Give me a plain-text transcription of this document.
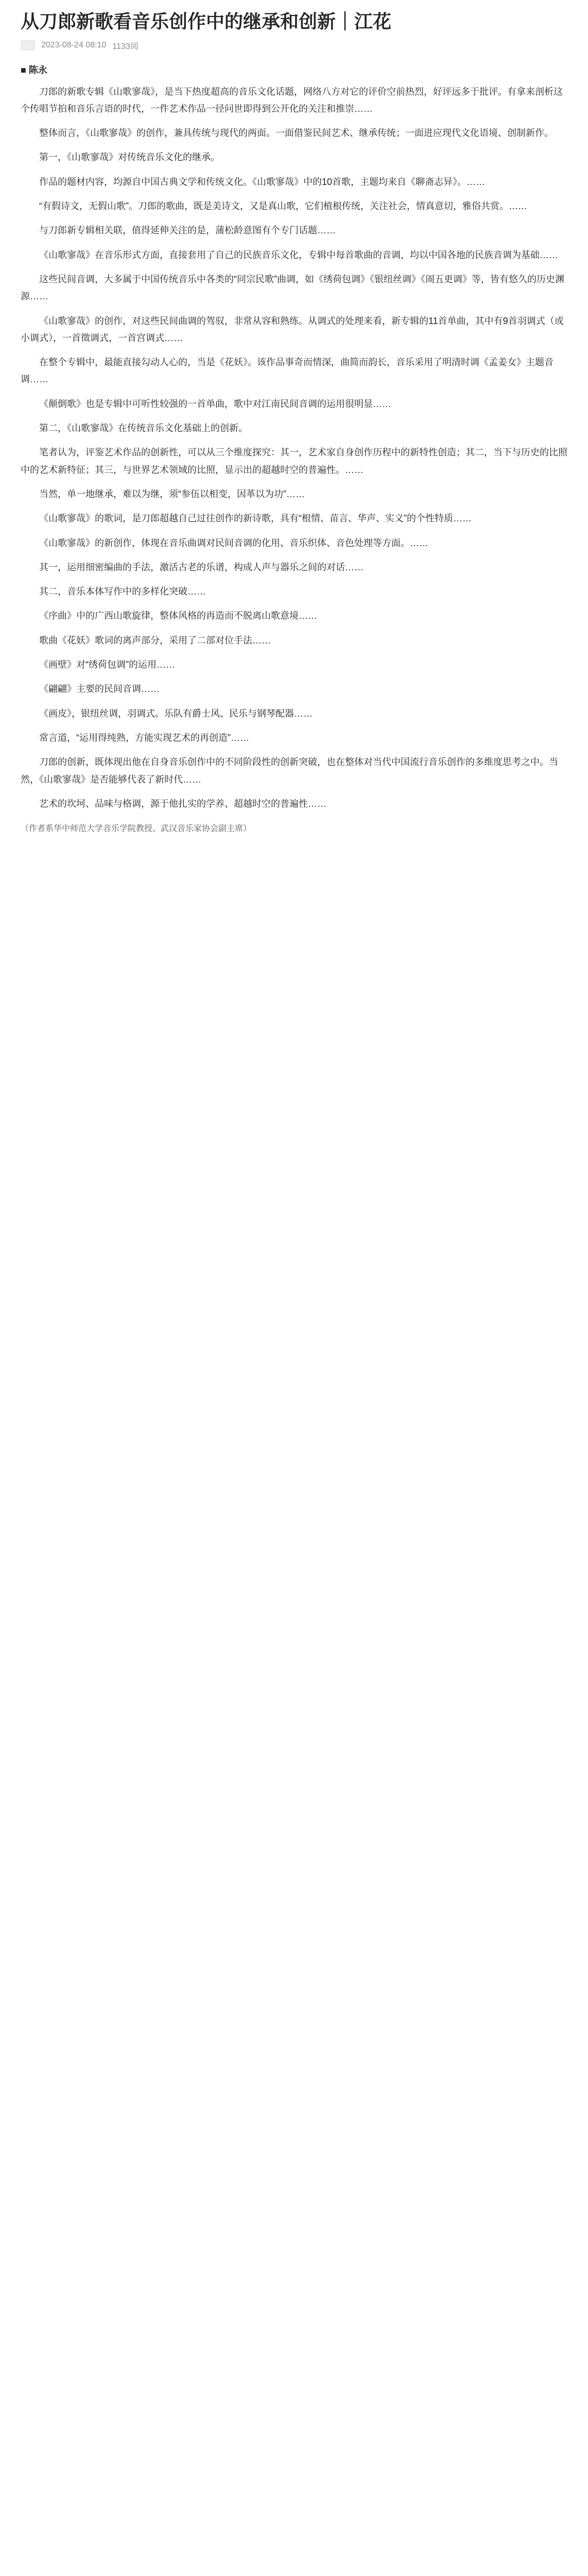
从刀郎新歌看音乐创作中的继承和创新｜江花
2023-08-24 08:10 1133阅
■ 陈永

刀郎的新歌专辑《山歌寥哉》，是当下热度超高的音乐文化话题，网络八方对它的评价空前热烈，好评远多于批评。有拿来剖析这个传唱节拍和音乐言语的时代，一件艺术作品一径问世即得到公开化的关注和推崇……

整体而言，《山歌寥哉》的创作，兼具传统与现代的两面。一面借鉴民间艺术、继承传统；一面进应现代文化语境、创制新作。

第一，《山歌寥哉》对传统音乐文化的继承。

作品的题材内容，均源自中国古典文学和传统文化。《山歌寥哉》中的10首歌，主题均来自《聊斋志异》。……

“有假诗文，无假山歌”。刀郎的歌曲，既是美诗文，又是真山歌，它们植根传统，关注社会，情真意切，雅俗共赏。……

与刀郎新专辑相关联，值得延伸关注的是，蒲松龄意图有个专门话题……

《山歌寥哉》在音乐形式方面，直接套用了自己的民族音乐文化，专辑中每首歌曲的音调，均以中国各地的民族音调为基础……

这些民间音调，大多属于中国传统音乐中各类的“同宗民歌”曲调，如《绣荷包调》《银纽丝调》《闹五更调》等，皆有悠久的历史渊源……

《山歌寥哉》的创作，对这些民间曲调的驾驭，非常从容和熟练。从调式的处理来看，新专辑的11首单曲，其中有9首羽调式（或小调式），一首徵调式，一首宫调式……

在整个专辑中，最能直接勾动人心的，当是《花妖》。该作品事奇而情深，曲简而韵长，音乐采用了明清时调《孟姜女》主题音调……

《颠倒歌》也是专辑中可听性较强的一首单曲，歌中对江南民间音调的运用很明显……

第二，《山歌寥哉》在传统音乐文化基础上的创新。

笔者认为，评鉴艺术作品的创新性，可以从三个维度探究：其一，艺术家自身创作历程中的新特性创造；其二，当下与历史的比照中的艺术新特征；其三，与世界艺术领域的比照，显示出的超越时空的普遍性。……

当然，单一地继承，难以为继，须“参伍以相变，因革以为功”……

《山歌寥哉》的歌词，是刀郎超越自己过往创作的新诗歌，具有“根情、苗言、华声、实义”的个性特质……

《山歌寥哉》的新创作，体现在音乐曲调对民间音调的化用、音乐织体、音色处理等方面。……

其一，运用细密编曲的手法，激活古老的乐谱，构成人声与器乐之间的对话……

其二，音乐本体写作中的多样化突破……

《序曲》中的广西山歌旋律，整体风格的再造而不脱离山歌意境……

歌曲《花妖》歌词的离声部分，采用了二部对位手法……

《画壁》对“绣荷包调”的运用……

《翩翩》主要的民间音调……

《画皮》，银纽丝调，羽调式。乐队有爵士风、民乐与钢琴配器……

常言道，“运用得纯熟，方能实现艺术的再创造”……

刀郎的创新，既体现出他在自身音乐创作中的不同阶段性的创新突破，也在整体对当代中国流行音乐创作的多维度思考之中。当然，《山歌寥哉》是否能够代表了新时代……

艺术的坎坷、品味与格调，源于他扎实的学养、超越时空的普遍性……

（作者系华中师范大学音乐学院教授、武汉音乐家协会副主席）
